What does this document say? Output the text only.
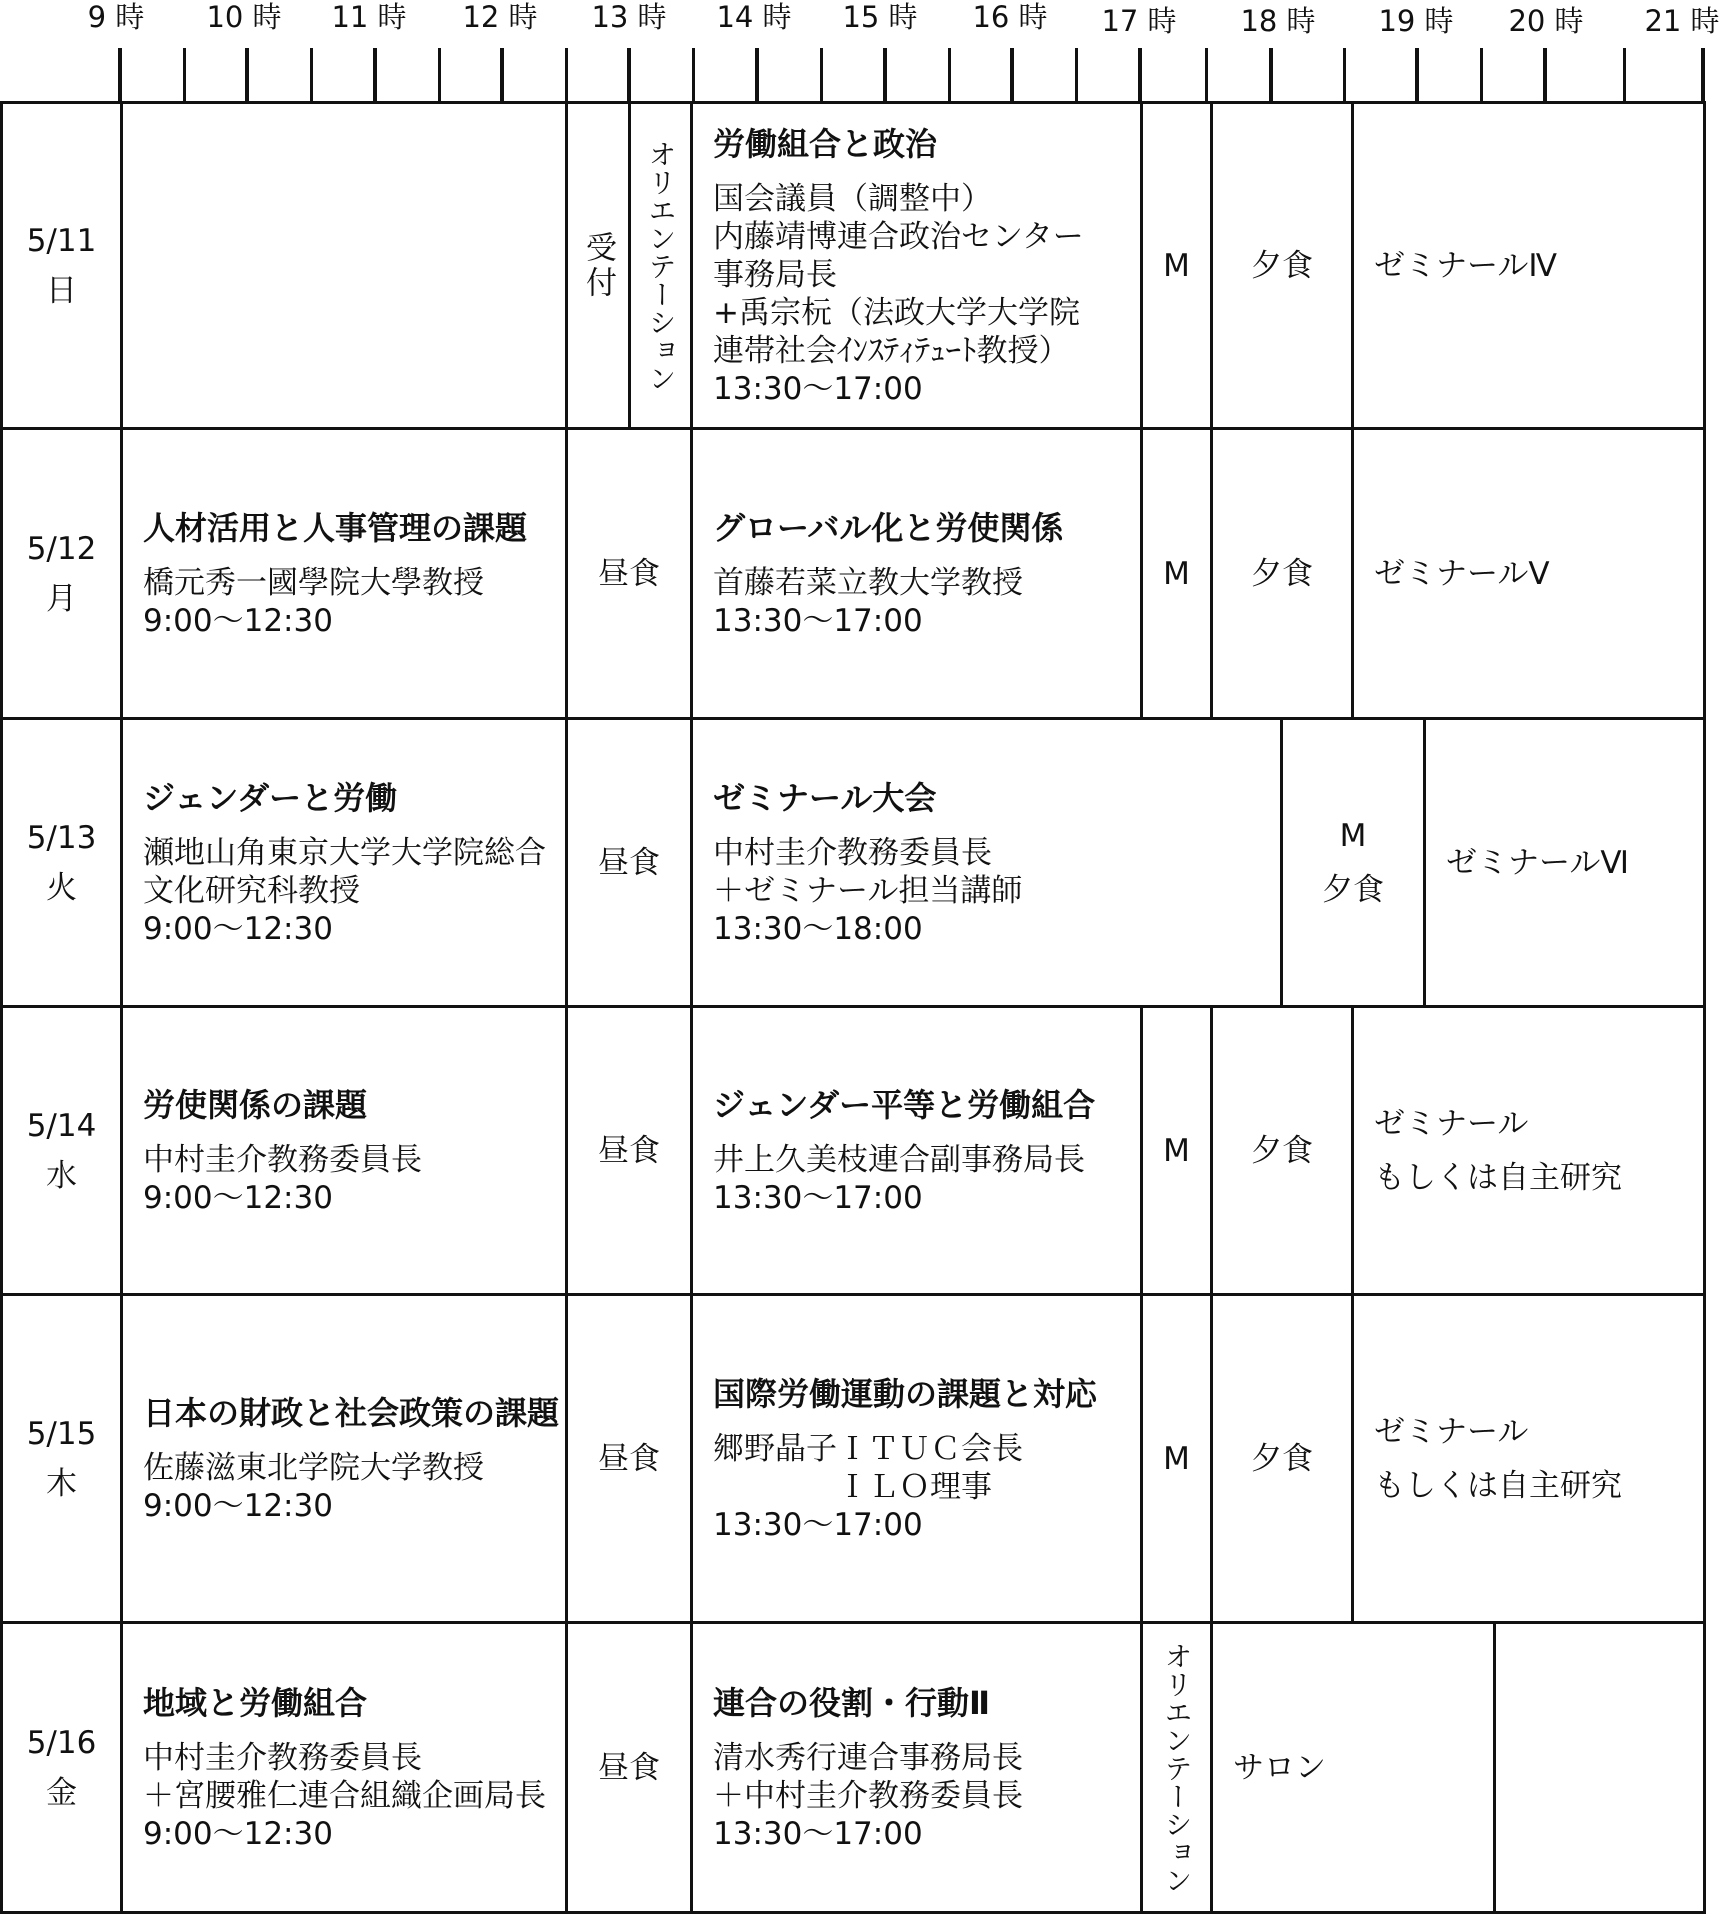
9 時 10 時 11 時 12 時 13 時 14 時 15 時 16 時 17 時 18 時 19 時 20 時 21 時
5/11
日	受付 オリエンテーション 労働組合と政治
国会議員（調整中）
内藤靖博連合政治センター
事務局長
+禹宗杬（法政大学大学院
連帯社会ｲﾝｽﾃｨﾃｭｰﾄ教授）
13:30〜17:00
M 夕食 ゼミナールⅣ
5/12
月
人材活用と人事管理の課題
橋元秀一國學院大學教授
9:00〜12:30
昼食
グローバル化と労使関係
首藤若菜立教大学教授
13:30〜17:00
M 夕食 ゼミナールⅤ
5/13
火
ジェンダーと労働
瀬地山角東京大学大学院総合文化研究科教授
9:00〜12:30
昼食
ゼミナール大会
中村圭介教務委員長
＋ゼミナール担当講師
13:30〜18:00
M
夕食
ゼミナールⅥ
5/14
水
労使関係の課題
中村圭介教務委員長
9:00〜12:30
昼食
ジェンダー平等と労働組合
井上久美枝連合副事務局長
13:30〜17:00
M 夕食
ゼミナール
もしくは自主研究
5/15
木
日本の財政と社会政策の課題
佐藤滋東北学院大学教授
9:00〜12:30
昼食
国際労働運動の課題と対応
郷野晶子ＩＴＵＣ会長
　　　　ＩＬＯ理事
13:30〜17:00
M 夕食
ゼミナール
もしくは自主研究
5/16
金
地域と労働組合
中村圭介教務委員長
＋宮腰雅仁連合組織企画局長
9:00〜12:30
昼食
連合の役割・行動Ⅱ
清水秀行連合事務局長
＋中村圭介教務委員長
13:30〜17:00	オリエンテーション サロン
